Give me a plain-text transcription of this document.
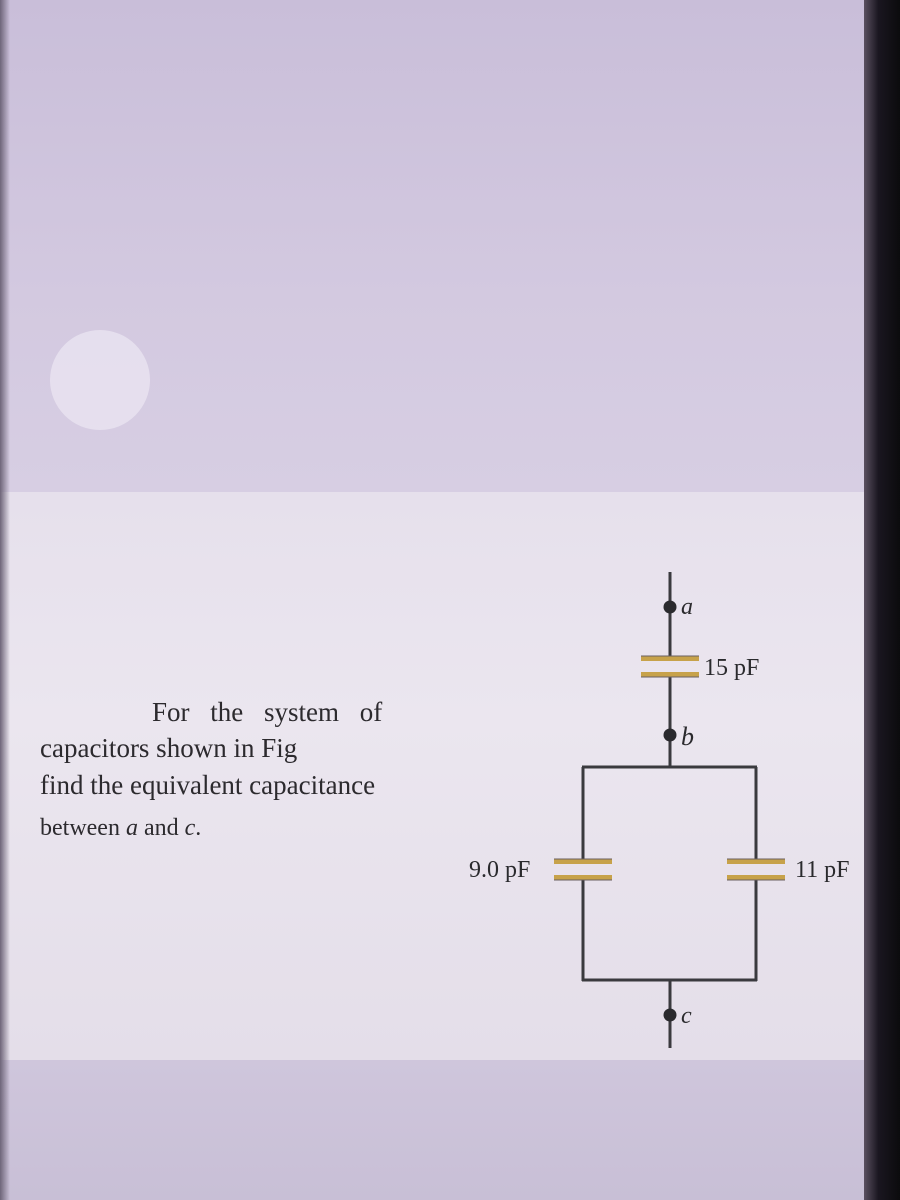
For the system of
capacitors shown in Fig
find the equivalent capacitance
between a and c.
a
b
c
15 pF
9.0 pF	11 pF
